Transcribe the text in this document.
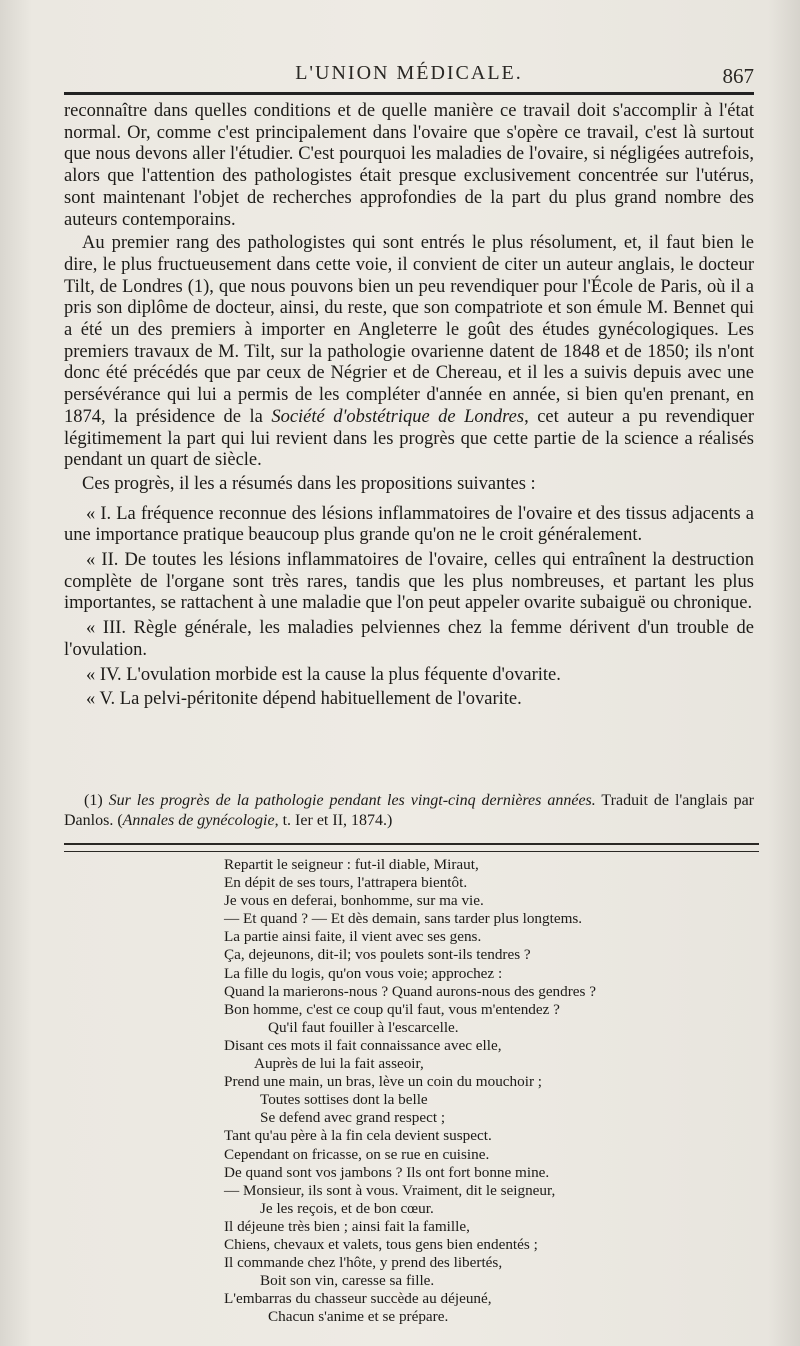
L'UNION MÉDICALE.	867

reconnaître dans quelles conditions et de quelle manière ce travail doit s'accomplir à l'état normal. Or, comme c'est principalement dans l'ovaire que s'opère ce travail, c'est là surtout que nous devons aller l'étudier. C'est pourquoi les maladies de l'ovaire, si négligées autrefois, alors que l'attention des pathologistes était presque exclusivement concentrée sur l'utérus, sont maintenant l'objet de recherches approfondies de la part du plus grand nombre des auteurs contemporains.

Au premier rang des pathologistes qui sont entrés le plus résolument, et, il faut bien le dire, le plus fructueusement dans cette voie, il convient de citer un auteur anglais, le docteur Tilt, de Londres (1), que nous pouvons bien un peu revendiquer pour l'École de Paris, où il a pris son diplôme de docteur, ainsi, du reste, que son compatriote et son émule M. Bennet qui a été un des premiers à importer en Angleterre le goût des études gynécologiques. Les premiers travaux de M. Tilt, sur la pathologie ovarienne datent de 1848 et de 1850; ils n'ont donc été précédés que par ceux de Négrier et de Chereau, et il les a suivis depuis avec une persévérance qui lui a permis de les compléter d'année en année, si bien qu'en prenant, en 1874, la présidence de la Société d'obstétrique de Londres, cet auteur a pu revendiquer légitimement la part qui lui revient dans les progrès que cette partie de la science a réalisés pendant un quart de siècle.

Ces progrès, il les a résumés dans les propositions suivantes :

« I. La fréquence reconnue des lésions inflammatoires de l'ovaire et des tissus adjacents a une importance pratique beaucoup plus grande qu'on ne le croit généralement.

« II. De toutes les lésions inflammatoires de l'ovaire, celles qui entraînent la destruction complète de l'organe sont très rares, tandis que les plus nombreuses, et partant les plus importantes, se rattachent à une maladie que l'on peut appeler ovarite subaiguë ou chronique.

« III. Règle générale, les maladies pelviennes chez la femme dérivent d'un trouble de l'ovulation.

« IV. L'ovulation morbide est la cause la plus féquente d'ovarite.

« V. La pelvi-péritonite dépend habituellement de l'ovarite.

(1) Sur les progrès de la pathologie pendant les vingt-cinq dernières années. Traduit de l'anglais par Danlos. (Annales de gynécologie, t. Ier et II, 1874.)
Repartit le seigneur : fut-il diable, Miraut,
En dépit de ses tours, l'attrapera bientôt.
Je vous en deferai, bonhomme, sur ma vie.
— Et quand ? — Et dès demain, sans tarder plus longtems.
La partie ainsi faite, il vient avec ses gens.
Ça, dejeunons, dit-il; vos poulets sont-ils tendres ?
La fille du logis, qu'on vous voie; approchez :
Quand la marierons-nous ? Quand aurons-nous des gendres ?
Bon homme, c'est ce coup qu'il faut, vous m'entendez ?
Qu'il faut fouiller à l'escarcelle.
Disant ces mots il fait connaissance avec elle,
Auprès de lui la fait asseoir,
Prend une main, un bras, lève un coin du mouchoir ;
Toutes sottises dont la belle
Se defend avec grand respect ;
Tant qu'au père à la fin cela devient suspect.
Cependant on fricasse, on se rue en cuisine.
De quand sont vos jambons ? Ils ont fort bonne mine.
— Monsieur, ils sont à vous. Vraiment, dit le seigneur,
Je les reçois, et de bon cœur.
Il déjeune très bien ; ainsi fait la famille,
Chiens, chevaux et valets, tous gens bien endentés ;
Il commande chez l'hôte, y prend des libertés,
Boit son vin, caresse sa fille.
L'embarras du chasseur succède au déjeuné,
Chacun s'anime et se prépare.
